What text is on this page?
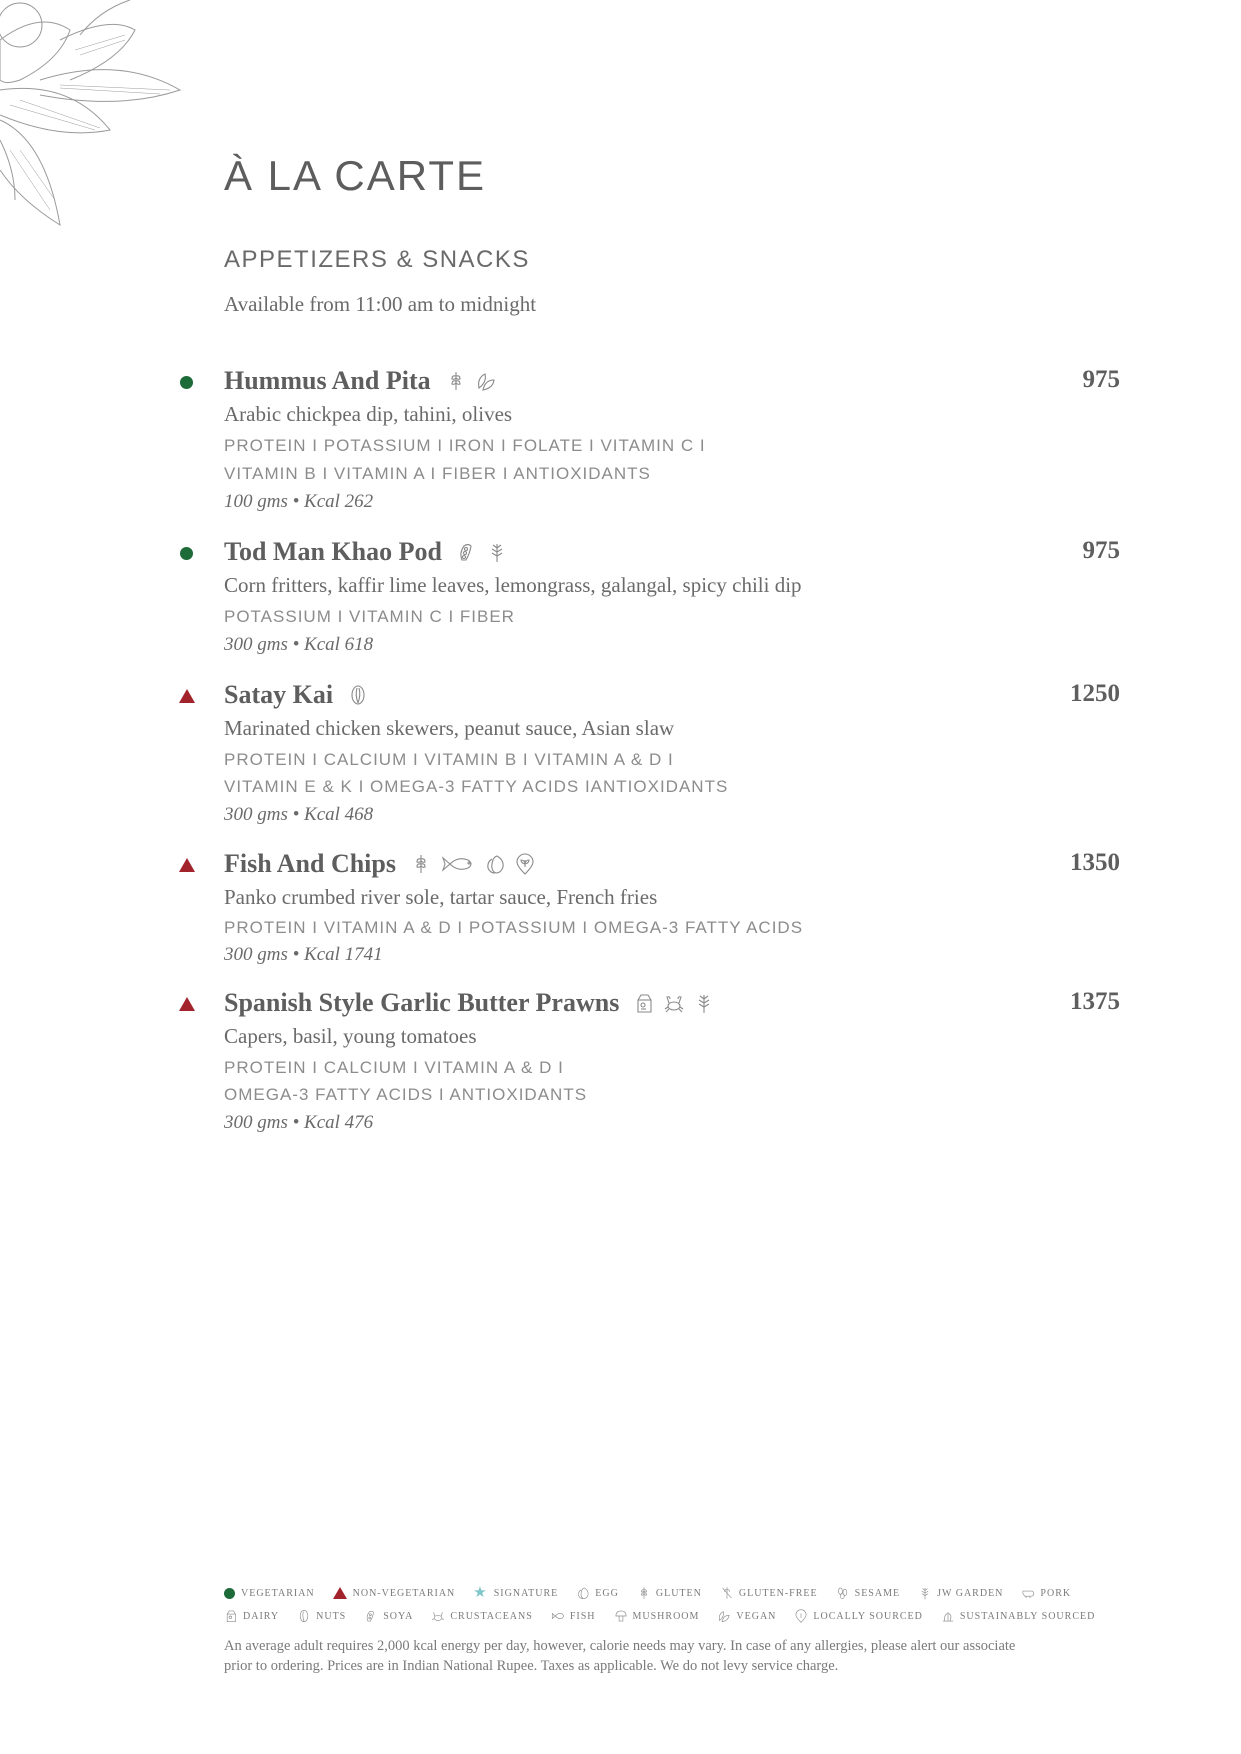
À LA CARTE
APPETIZERS & SNACKS
Available from 11:00 am to midnight
Hummus And Pita	975
Arabic chickpea dip, tahini, olives
PROTEIN I POTASSIUM I IRON I FOLATE I VITAMIN C I
VITAMIN B I VITAMIN A I FIBER I ANTIOXIDANTS
100 gms • Kcal 262
Tod Man Khao Pod	975
Corn fritters, kaffir lime leaves, lemongrass, galangal, spicy chili dip
POTASSIUM I VITAMIN C I FIBER
300 gms • Kcal 618
Satay Kai	1250
Marinated chicken skewers, peanut sauce, Asian slaw
PROTEIN I CALCIUM I VITAMIN B I VITAMIN A & D I
VITAMIN E & K I OMEGA-3 FATTY ACIDS IANTIOXIDANTS
300 gms • Kcal 468
Fish And Chips	1350
Panko crumbed river sole, tartar sauce, French fries
PROTEIN I VITAMIN A & D I POTASSIUM I OMEGA-3 FATTY ACIDS
300 gms • Kcal 1741
Spanish Style Garlic Butter Prawns	1375
Capers, basil, young tomatoes
PROTEIN I CALCIUM I VITAMIN A & D I
OMEGA-3 FATTY ACIDS I ANTIOXIDANTS
300 gms • Kcal 476
VEGETARIAN	NON-VEGETARIAN ★ SIGNATURE	EGG	GLUTEN	GLUTEN-FREE	SESAME	JW GARDEN	PORK
DAIRY	NUTS	SOYA	CRUSTACEANS	FISH	MUSHROOM	VEGAN	LOCALLY SOURCED	SUSTAINABLY SOURCED
An average adult requires 2,000 kcal energy per day, however, calorie needs may vary. In case of any allergies, please alert our associate prior to ordering. Prices are in Indian National Rupee. Taxes as applicable. We do not levy service charge.
